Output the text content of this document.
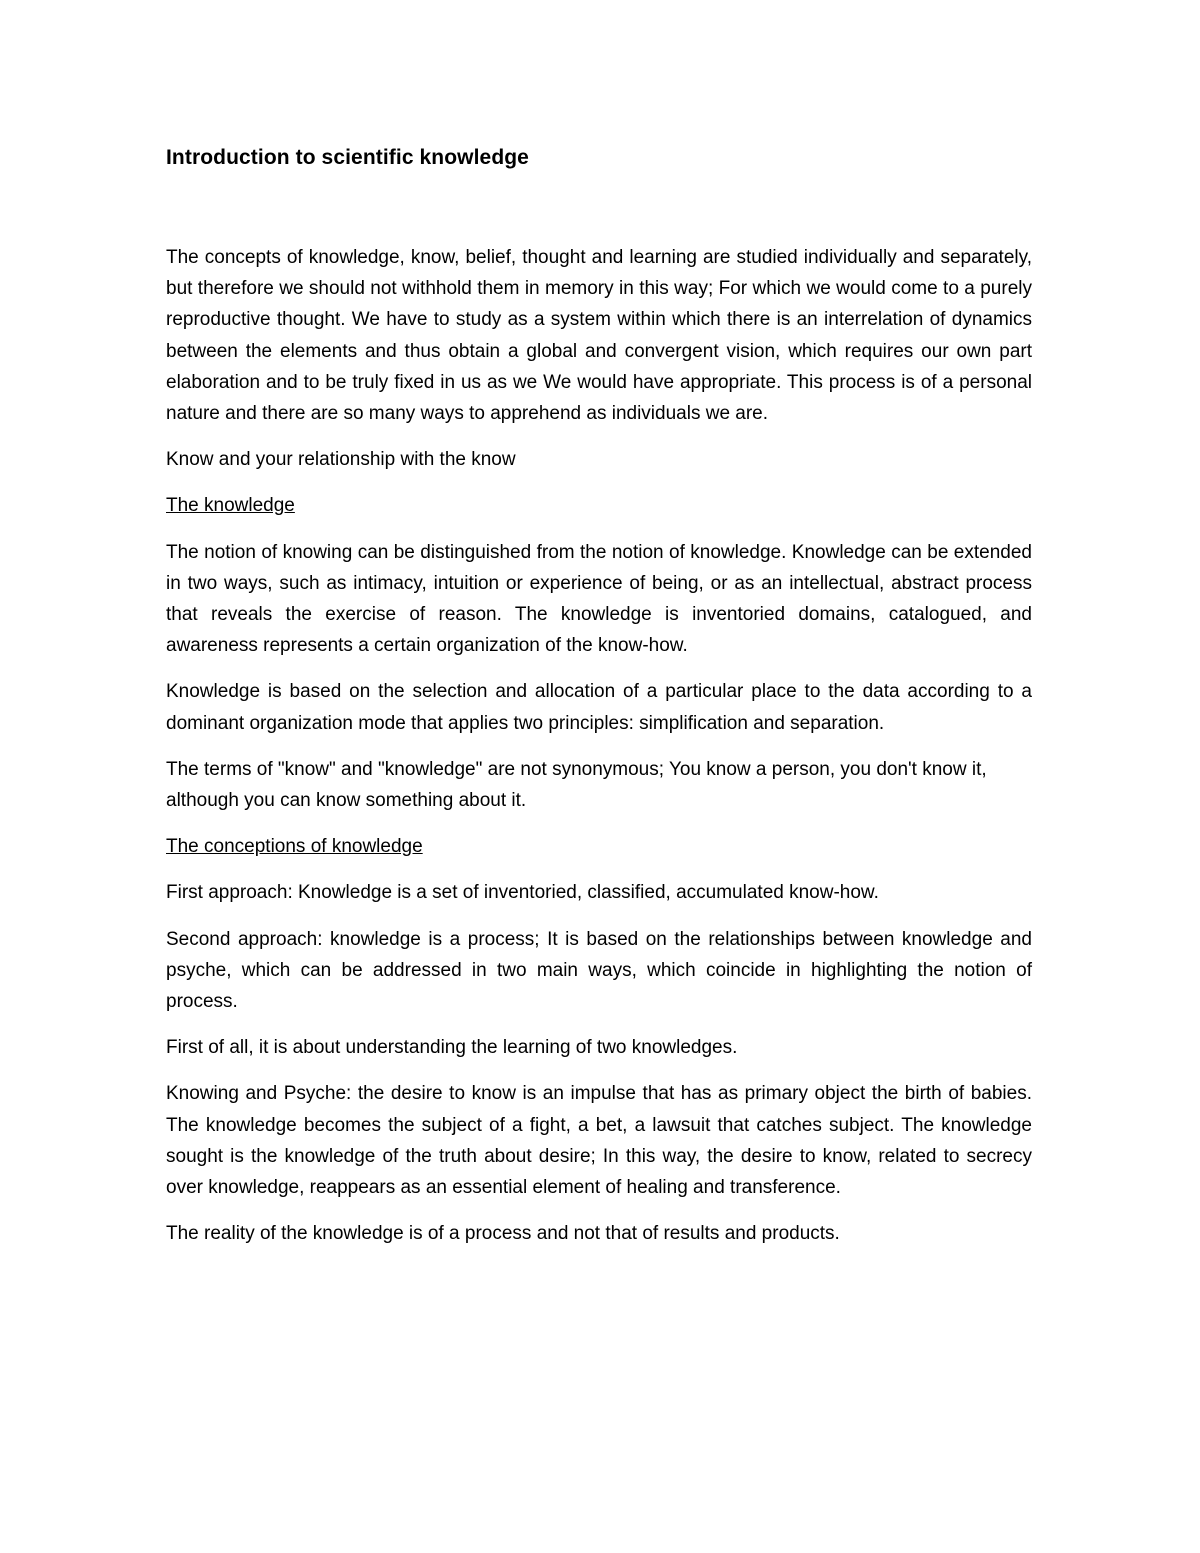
Introduction to scientific knowledge

The concepts of knowledge, know, belief, thought and learning are studied individually and separately, but therefore we should not withhold them in memory in this way; For which we would come to a purely reproductive thought. We have to study as a system within which there is an interrelation of dynamics between the elements and thus obtain a global and convergent vision, which requires our own part elaboration and to be truly fixed in us as we We would have appropriate. This process is of a personal nature and there are so many ways to apprehend as individuals we are.

Know and your relationship with the know

The knowledge

The notion of knowing can be distinguished from the notion of knowledge. Knowledge can be extended in two ways, such as intimacy, intuition or experience of being, or as an intellectual, abstract process that reveals the exercise of reason. The knowledge is inventoried domains, catalogued, and awareness represents a certain organization of the know-how.

Knowledge is based on the selection and allocation of a particular place to the data according to a dominant organization mode that applies two principles: simplification and separation.

The terms of "know" and "knowledge" are not synonymous; You know a person, you don't know it, although you can know something about it.

The conceptions of knowledge

First approach: Knowledge is a set of inventoried, classified, accumulated know-how.

Second approach: knowledge is a process; It is based on the relationships between knowledge and psyche, which can be addressed in two main ways, which coincide in highlighting the notion of process.

First of all, it is about understanding the learning of two knowledges.

Knowing and Psyche: the desire to know is an impulse that has as primary object the birth of babies. The knowledge becomes the subject of a fight, a bet, a lawsuit that catches subject. The knowledge sought is the knowledge of the truth about desire; In this way, the desire to know, related to secrecy over knowledge, reappears as an essential element of healing and transference.

The reality of the knowledge is of a process and not that of results and products.
